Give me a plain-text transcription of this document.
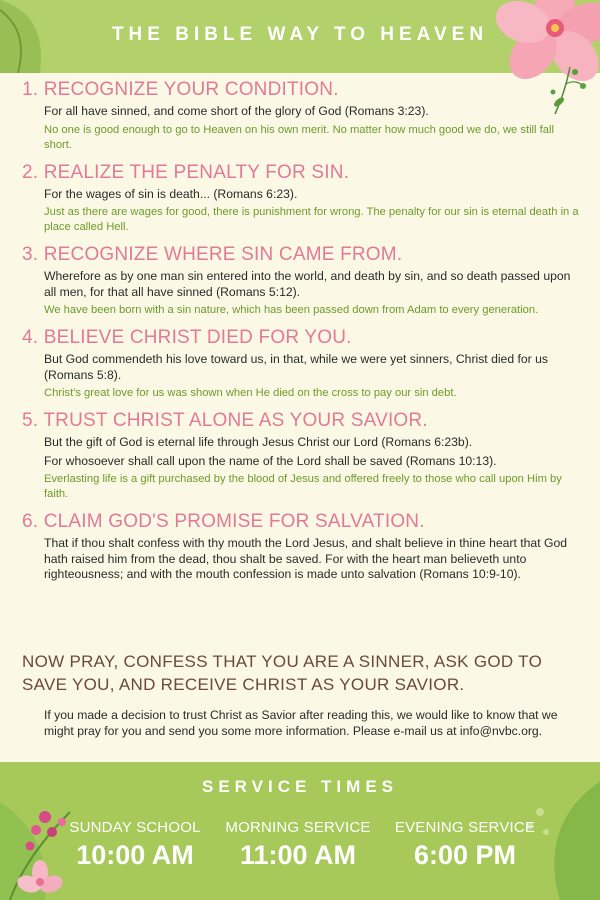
THE BIBLE WAY TO HEAVEN
1. RECOGNIZE YOUR CONDITION.
For all have sinned, and come short of the glory of God (Romans 3:23).
No one is good enough to go to Heaven on his own merit. No matter how much good we do, we still fall short.
2. REALIZE THE PENALTY FOR SIN.
For the wages of sin is death... (Romans 6:23).
Just as there are wages for good, there is punishment for wrong. The penalty for our sin is eternal death in a place called Hell.
3. RECOGNIZE WHERE SIN CAME FROM.
Wherefore as by one man sin entered into the world, and death by sin, and so death passed upon all men, for that all have sinned (Romans 5:12).
We have been born with a sin nature, which has been passed down from Adam to every generation.
4. BELIEVE CHRIST DIED FOR YOU.
But God commendeth his love toward us, in that, while we were yet sinners, Christ died for us (Romans 5:8).
Christ's great love for us was shown when He died on the cross to pay our sin debt.
5. TRUST CHRIST ALONE AS YOUR SAVIOR.
But the gift of God is eternal life through Jesus Christ our Lord (Romans 6:23b).
For whosoever shall call upon the name of the Lord shall be saved (Romans 10:13).
Everlasting life is a gift purchased by the blood of Jesus and offered freely to those who call upon Him by faith.
6. CLAIM GOD'S PROMISE FOR SALVATION.
That if thou shalt confess with thy mouth the Lord Jesus, and shalt believe in thine heart that God hath raised him from the dead, thou shalt be saved. For with the heart man believeth unto righteousness; and with the mouth confession is made unto salvation (Romans 10:9-10).
NOW PRAY, CONFESS THAT YOU ARE A SINNER, ASK GOD TO SAVE YOU, AND RECEIVE CHRIST AS YOUR SAVIOR.
If you made a decision to trust Christ as Savior after reading this, we would like to know that we might pray for you and send you some more information. Please e-mail us at info@nvbc.org.
SERVICE TIMES
SUNDAY SCHOOL
10:00 AM
MORNING SERVICE
11:00 AM
EVENING SERVICE
6:00 PM
